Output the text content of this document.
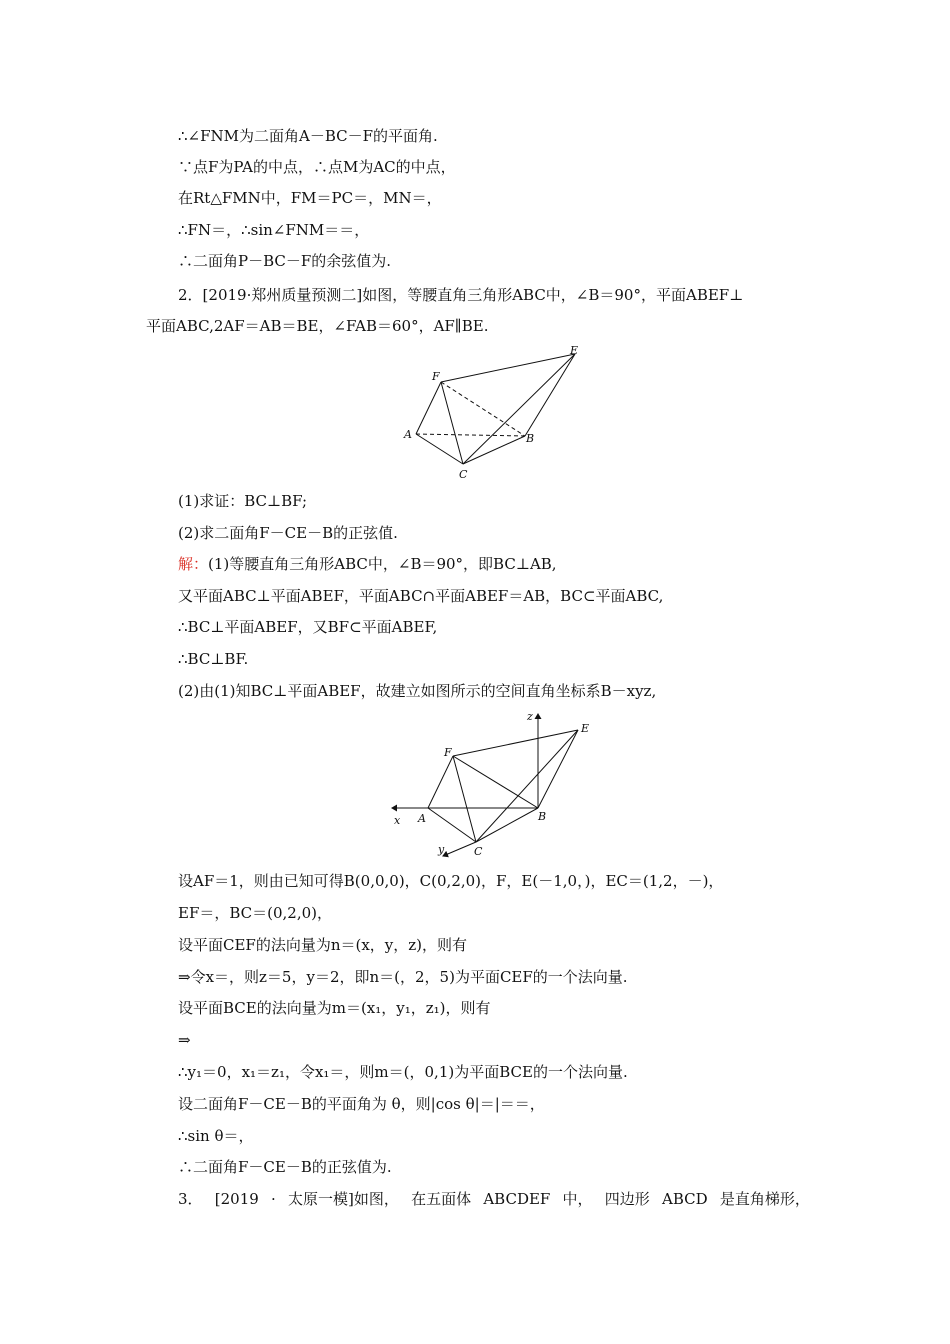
∴∠FNM为二面角A－BC－F的平面角.
∵点F为PA的中点，∴点M为AC的中点，
在Rt△FMN中，FM＝PC＝，MN＝，
∴FN＝，∴sin∠FNM＝＝，
∴二面角P－BC－F的余弦值为.
2．[2019·郑州质量预测二]如图，等腰直角三角形ABC中，∠B＝90°，平面ABEF⊥
平面ABC,2AF＝AB＝BE，∠FAB＝60°，AF∥BE.
E
F
A	B
C
(1)求证：BC⊥BF;
(2)求二面角F－CE－B的正弦值.
解：(1)等腰直角三角形ABC中，∠B＝90°，即BC⊥AB,
又平面ABC⊥平面ABEF，平面ABC∩平面ABEF＝AB，BC⊂平面ABC,
∴BC⊥平面ABEF，又BF⊂平面ABEF,
∴BC⊥BF.
(2)由(1)知BC⊥平面ABEF，故建立如图所示的空间直角坐标系B－xyz,
z
E
F
x A	B
y	C
设AF＝1，则由已知可得B(0,0,0)，C(0,2,0)，F，E(－1,0，)，EC＝(1,2，－)，
EF＝，BC＝(0,2,0)，
设平面CEF的法向量为n＝(x，y，z)，则有
⇒令x＝，则z＝5，y＝2，即n＝(，2，5)为平面CEF的一个法向量.
设平面BCE的法向量为m＝(x₁，y₁，z₁)，则有
⇒
∴y₁＝0，x₁＝z₁，令x₁＝，则m＝(，0,1)为平面BCE的一个法向量.
设二面角F－CE－B的平面角为 θ，则|cos θ|＝|＝＝，
∴sin θ＝，
∴二面角F－CE－B的正弦值为.
3． [2019 · 太原一模]如图， 在五面体 ABCDEF 中， 四边形 ABCD 是直角梯形，
